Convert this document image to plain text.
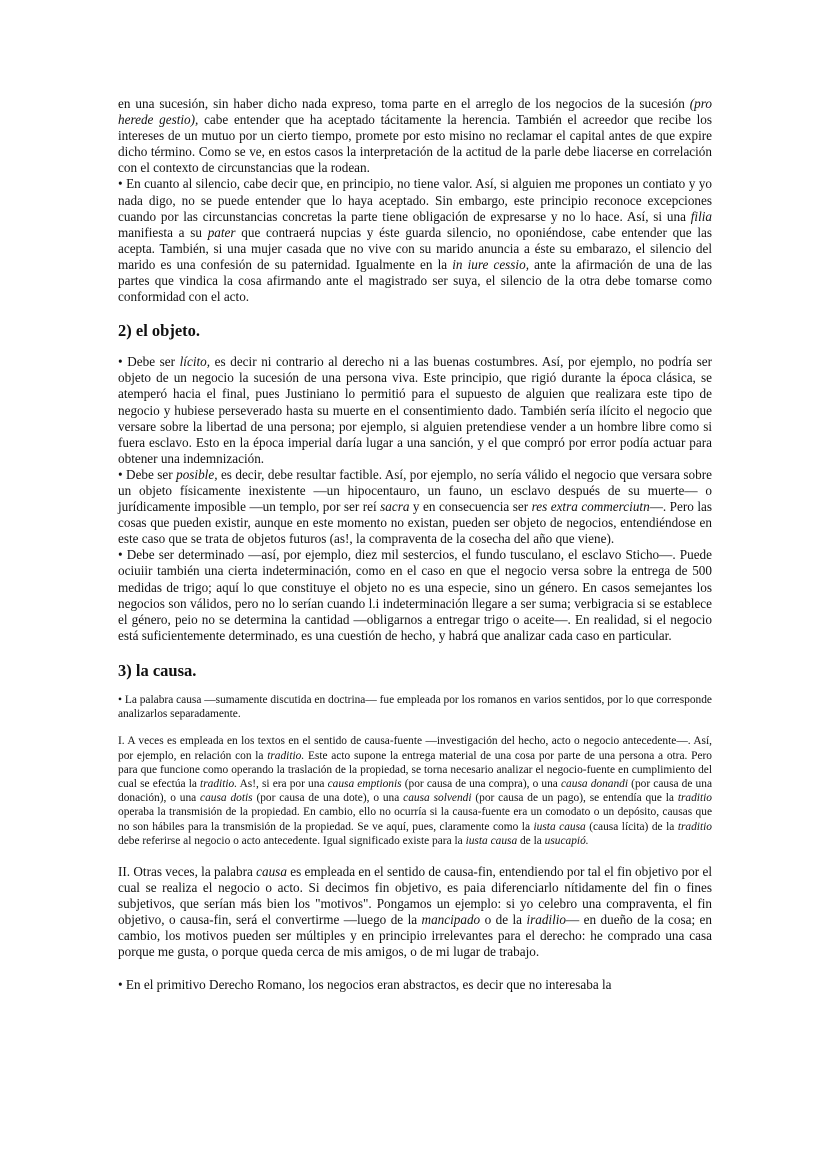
en una sucesión, sin haber dicho nada expreso, toma parte en el arreglo de los negocios de la sucesión (pro herede gestio), cabe entender que ha aceptado tácitamente la herencia. También el acreedor que recibe los intereses de un mutuo por un cierto tiempo, promete por esto misino no reclamar el capital antes de que expire dicho término. Como se ve, en estos casos la interpretación de la actitud de la parle debe liacerse en correlación con el contexto de circunstancias que la rodean.

• En cuanto al silencio, cabe decir que, en principio, no tiene valor. Así, si alguien me propones un contiato y yo nada digo, no se puede entender que lo haya aceptado. Sin embargo, este principio reconoce excepciones cuando por las circunstancias concretas la parte tiene obligación de expresarse y no lo hace. Así, si una filia manifiesta a su pater que contraerá nupcias y éste guarda silencio, no oponiéndose, cabe entender que las acepta. También, si una mujer casada que no vive con su marido anuncia a éste su embarazo, el silencio del marido es una confesión de su paternidad. Igualmente en la in iure cessio, ante la afirmación de una de las partes que vindica la cosa afirmando ante el magistrado ser suya, el silencio de la otra debe tomarse como conformidad con el acto.

2) el objeto.

• Debe ser lícito, es decir ni contrario al derecho ni a las buenas costumbres. Así, por ejemplo, no podría ser objeto de un negocio la sucesión de una persona viva. Este principio, que rigió durante la época clásica, se atemperó hacia el final, pues Justiniano lo permitió para el supuesto de alguien que realizara este tipo de negocio y hubiese perseverado hasta su muerte en el consentimiento dado. También sería ilícito el negocio que versare sobre la libertad de una persona; por ejemplo, si alguien pretendiese vender a un hombre libre como si fuera esclavo. Esto en la época imperial daría lugar a una sanción, y el que compró por error podía actuar para obtener una indemnización.

• Debe ser posible, es decir, debe resultar factible. Así, por ejemplo, no sería válido el negocio que versara sobre un objeto físicamente inexistente —un hipocentauro, un fauno, un esclavo después de su muerte— o jurídicamente imposible —un templo, por ser reí sacra y en consecuencia ser res extra commerciutn—. Pero las cosas que pueden existir, aunque en este momento no existan, pueden ser objeto de negocios, entendiéndose en este caso que se trata de objetos futuros (as!, la compraventa de la cosecha del año que viene).

• Debe ser determinado —así, por ejemplo, diez mil sestercios, el fundo tusculano, el esclavo Sticho—. Puede ociuiir también una cierta indeterminación, como en el caso en que el negocio versa sobre la entrega de 500 medidas de trigo; aquí lo que constituye el objeto no es una especie, sino un género. En casos semejantes los negocios son válidos, pero no lo serían cuando l.i indeterminación llegare a ser suma; verbigracia si se establece el género, peio no se determina la cantidad —obligarnos a entregar trigo o aceite—. En realidad, si el negocio está suficientemente determinado, es una cuestión de hecho, y habrá que analizar cada caso en particular.

3) la causa.

• La palabra causa —sumamente discutida en doctrina— fue empleada por los romanos en varios sentidos, por lo que corresponde analizarlos separadamente.

I. A veces es empleada en los textos en el sentido de causa-fuente —investigación del hecho, acto o negocio antecedente—. Así, por ejemplo, en relación con la traditio. Este acto supone la entrega material de una cosa por parte de una persona a otra. Pero para que funcione como operando la traslación de la propiedad, se torna necesario analizar el negocio-fuente en cumplimiento del cual se efectúa la traditio. As!, si era por una causa emptionis (por causa de una compra), o una causa donandi (por causa de una donación), o una causa dotis (por causa de una dote), o una causa solvendi (por causa de un pago), se entendía que la traditio operaba la transmisión de la propiedad. En cambio, ello no ocurría si la causa-fuente era un comodato o un depósito, causas que no son hábiles para la transmisión de la propiedad. Se ve aquí, pues, claramente como la iusta causa (causa lícita) de la traditio debe referirse al negocio o acto antecedente. Igual significado existe para la iusta causa de la usucapió.

II. Otras veces, la palabra causa es empleada en el sentido de causa-fin, entendiendo por tal el fin objetivo por el cual se realiza el negocio o acto. Si decimos fin objetivo, es paia diferenciarlo nítidamente del fin o fines subjetivos, que serían más bien los "motivos". Pongamos un ejemplo: si yo celebro una compraventa, el fin objetivo, o causa-fin, será el convertirme —luego de la mancipado o de la iradilio— en dueño de la cosa; en cambio, los motivos pueden ser múltiples y en principio irrelevantes para el derecho: he comprado una casa porque me gusta, o porque queda cerca de mis amigos, o de mi lugar de trabajo.

• En el primitivo Derecho Romano, los negocios eran abstractos, es decir que no interesaba la
